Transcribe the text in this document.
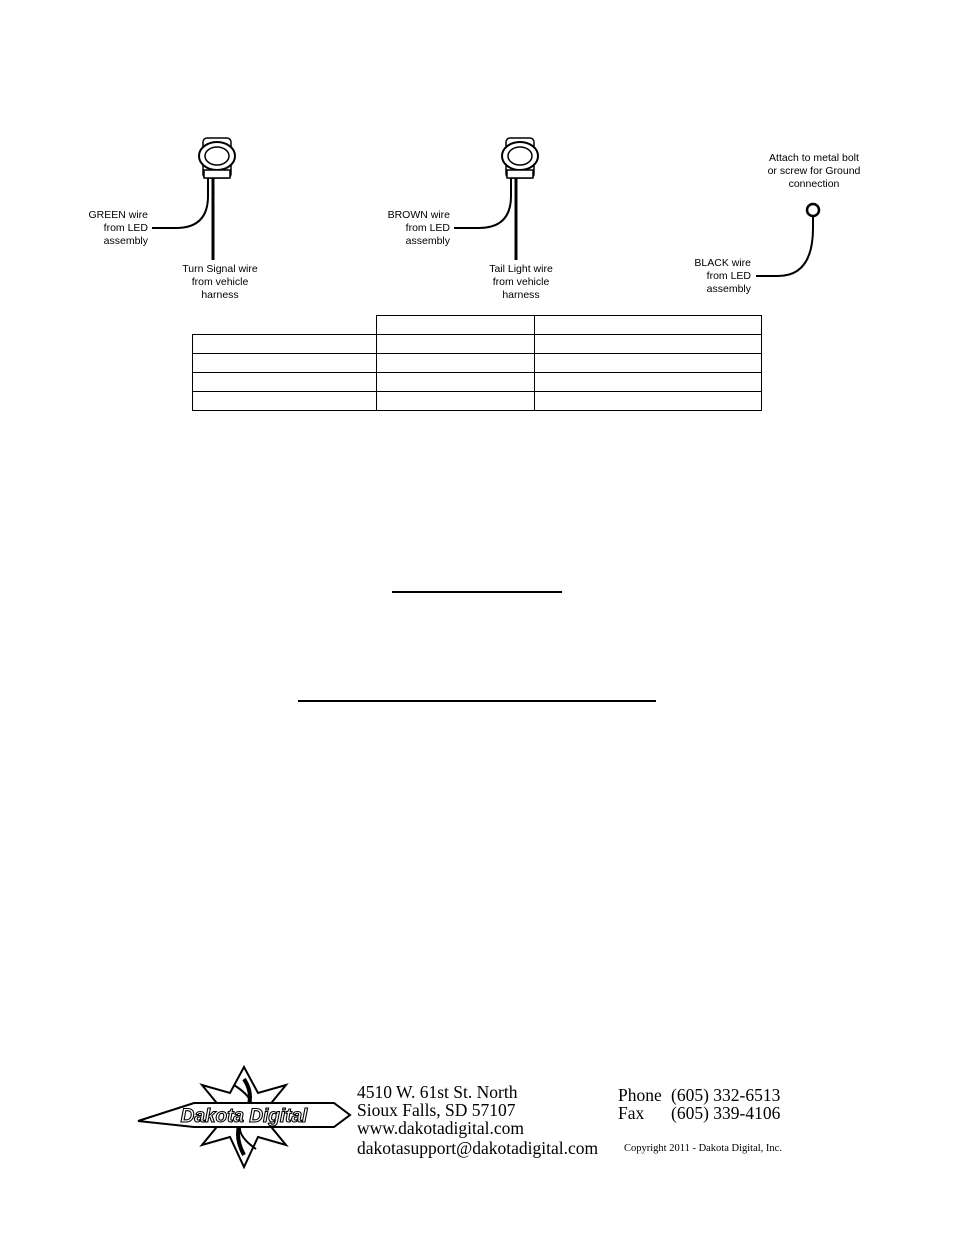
GREEN wire
from LED
assembly
Turn Signal wire
from vehicle
harness
BROWN wire
from LED
assembly
Tail Light wire
from vehicle
harness
Attach to metal bolt
or screw for Ground
connection
BLACK wire
from LED
assembly

Dakota Digital
4510 W. 61st St. North
Sioux Falls, SD 57107
www.dakotadigital.com
dakotasupport@dakotadigital.com
Phone (605) 332-6513
Fax (605) 339-4106
Copyright 2011 - Dakota Digital, Inc.
